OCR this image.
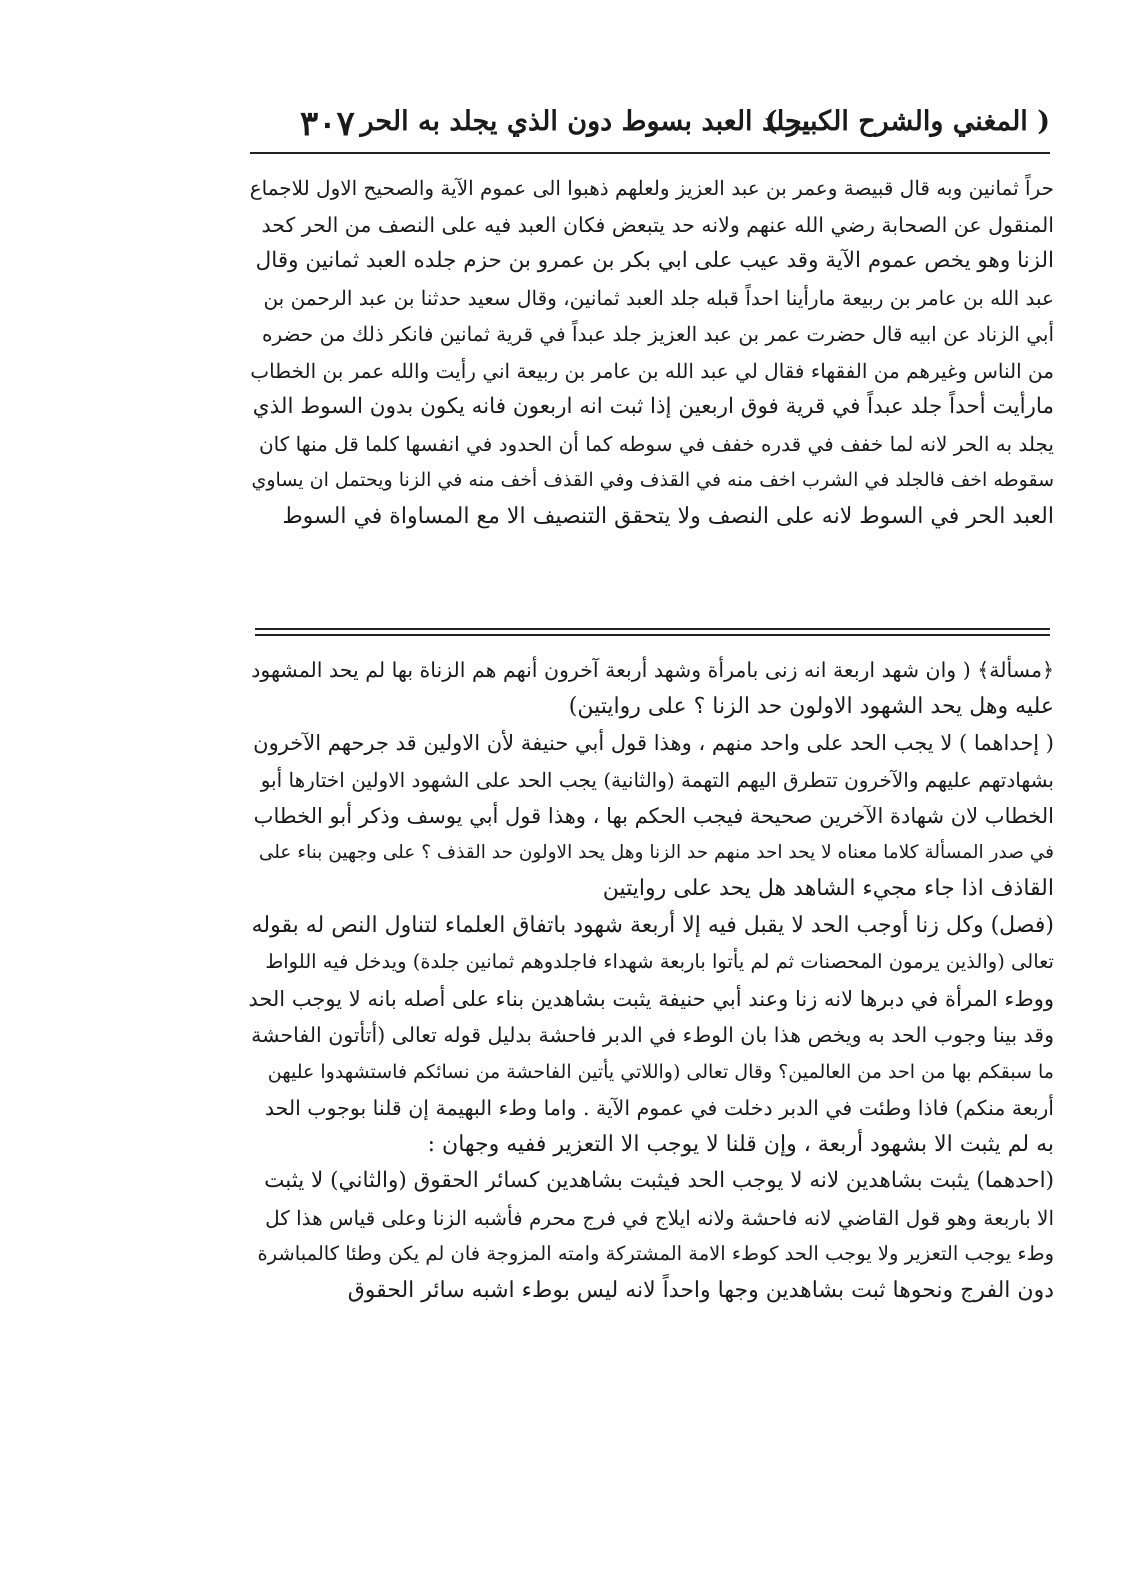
( المغني والشرح الكبير )
يجلد العبد بسوط دون الذي يجلد به الحر
٣٠٧

حراً ثمانين وبه قال قبيصة وعمر بن عبد العزيز ولعلهم ذهبوا الى عموم الآية والصحيح الاول للاجماع
المنقول عن الصحابة رضي الله عنهم ولانه حد يتبعض فكان العبد فيه على النصف من الحر كحد
الزنا وهو يخص عموم الآية وقد عيب على ابي بكر بن عمرو بن حزم جلده العبد ثمانين وقال
عبد الله بن عامر بن ربيعة مارأينا احداً قبله جلد العبد ثمانين، وقال سعيد حدثنا بن عبد الرحمن بن
أبي الزناد عن ابيه قال حضرت عمر بن عبد العزيز جلد عبداً في قرية ثمانين فانكر ذلك من حضره
من الناس وغيرهم من الفقهاء فقال لي عبد الله بن عامر بن ربيعة اني رأيت والله عمر بن الخطاب
مارأيت أحداً جلد عبداً في قرية فوق اربعين إذا ثبت انه اربعون فانه يكون بدون السوط الذي
يجلد به الحر لانه لما خفف في قدره خفف في سوطه كما أن الحدود في انفسها كلما قل منها كان
سقوطه اخف فالجلد في الشرب اخف منه في القذف وفي القذف أخف منه في الزنا ويحتمل ان يساوي
العبد الحر في السوط لانه على النصف ولا يتحقق التنصيف الا مع المساواة في السوط

﴿مسألة﴾ ( وان شهد اربعة انه زنى بامرأة وشهد أربعة آخرون أنهم هم الزناة بها لم يحد المشهود
عليه وهل يحد الشهود الاولون حد الزنا ؟ على روايتين)
( إحداهما ) لا يجب الحد على واحد منهم ، وهذا قول أبي حنيفة لأن الاولين قد جرحهم الآخرون
بشهادتهم عليهم والآخرون تتطرق اليهم التهمة (والثانية) يجب الحد على الشهود الاولين اختارها أبو
الخطاب لان شهادة الآخرين صحيحة فيجب الحكم بها ، وهذا قول أبي يوسف وذكر أبو الخطاب
في صدر المسألة كلاما معناه لا يحد احد منهم حد الزنا وهل يحد الاولون حد القذف ؟ على وجهين بناء على
القاذف اذا جاء مجيء الشاهد هل يحد على روايتين
(فصل) وكل زنا أوجب الحد لا يقبل فيه إلا أربعة شهود باتفاق العلماء لتناول النص له بقوله
تعالى (والذين يرمون المحصنات ثم لم يأتوا باربعة شهداء فاجلدوهم ثمانين جلدة) ويدخل فيه اللواط
ووطء المرأة في دبرها لانه زنا وعند أبي حنيفة يثبت بشاهدين بناء على أصله بانه لا يوجب الحد
وقد بينا وجوب الحد به ويخص هذا بان الوطء في الدبر فاحشة بدليل قوله تعالى (أتأتون الفاحشة
ما سبقكم بها من احد من العالمين؟ وقال تعالى (واللاتي يأتين الفاحشة من نسائكم فاستشهدوا عليهن
أربعة منكم) فاذا وطئت في الدبر دخلت في عموم الآية . واما وطء البهيمة إن قلنا بوجوب الحد
به لم يثبت الا بشهود أربعة ، وإن قلنا لا يوجب الا التعزير ففيه وجهان :
(احدهما) يثبت بشاهدين لانه لا يوجب الحد فيثبت بشاهدين كسائر الحقوق (والثاني) لا يثبت
الا باربعة وهو قول القاضي لانه فاحشة ولانه ايلاج في فرج محرم فأشبه الزنا وعلى قياس هذا كل
وطء يوجب التعزير ولا يوجب الحد كوطء الامة المشتركة وامته المزوجة فان لم يكن وطئا كالمباشرة
دون الفرج ونحوها ثبت بشاهدين وجها واحداً لانه ليس بوطء اشبه سائر الحقوق
